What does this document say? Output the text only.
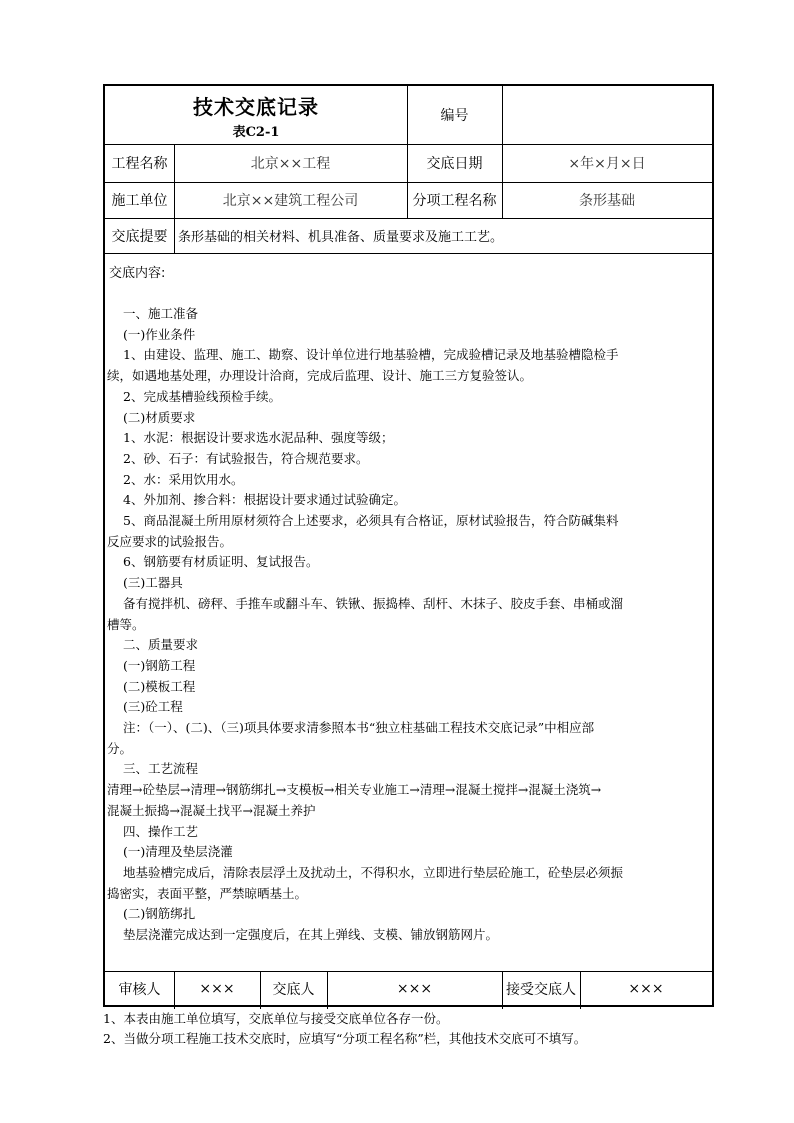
技术交底记录
表C2-1
编号
工程名称	北京××工程	交底日期	×年×月×日
施工单位	北京××建筑工程公司	分项工程名称	条形基础
交底提要 条形基础的相关材料、机具准备、质量要求及施工工艺。
交底内容:
一、施工准备
(一)作业条件
1、由建设、监理、施工、勘察、设计单位进行地基验槽，完成验槽记录及地基验槽隐检手
续，如遇地基处理，办理设计洽商，完成后监理、设计、施工三方复验签认。
2、完成基槽验线预检手续。
(二)材质要求
1、水泥：根据设计要求选水泥品种、强度等级；
2、砂、石子：有试验报告，符合规范要求。
2、水：采用饮用水。
4、外加剂、掺合料：根据设计要求通过试验确定。
5、商品混凝土所用原材须符合上述要求，必须具有合格证，原材试验报告，符合防碱集料
反应要求的试验报告。
6、钢筋要有材质证明、复试报告。
(三)工器具
备有搅拌机、磅秤、手推车或翻斗车、铁锹、振捣棒、刮杆、木抹子、胶皮手套、串桶或溜
槽等。
二、质量要求
(一)钢筋工程
(二)模板工程
(三)砼工程
注：（一）、(二)、（三)项具体要求清参照本书“独立柱基础工程技术交底记录”中相应部
分。
三、工艺流程
清理→砼垫层→清理→钢筋绑扎→支模板→相关专业施工→清理→混凝土搅拌→混凝土浇筑→
混凝土振捣→混凝土找平→混凝土养护
四、操作工艺
(一)清理及垫层浇灌
地基验槽完成后，清除表层浮土及扰动土，不得积水，立即进行垫层砼施工，砼垫层必须振
捣密实，表面平整，严禁晾晒基土。
(二)钢筋绑扎
垫层浇灌完成达到一定强度后，在其上弹线、支模、铺放钢筋网片。
审核人	×××	交底人	×××	接受交底人	×××
1、本表由施工单位填写，交底单位与接受交底单位各存一份。
2、当做分项工程施工技术交底时，应填写“分项工程名称”栏，其他技术交底可不填写。
